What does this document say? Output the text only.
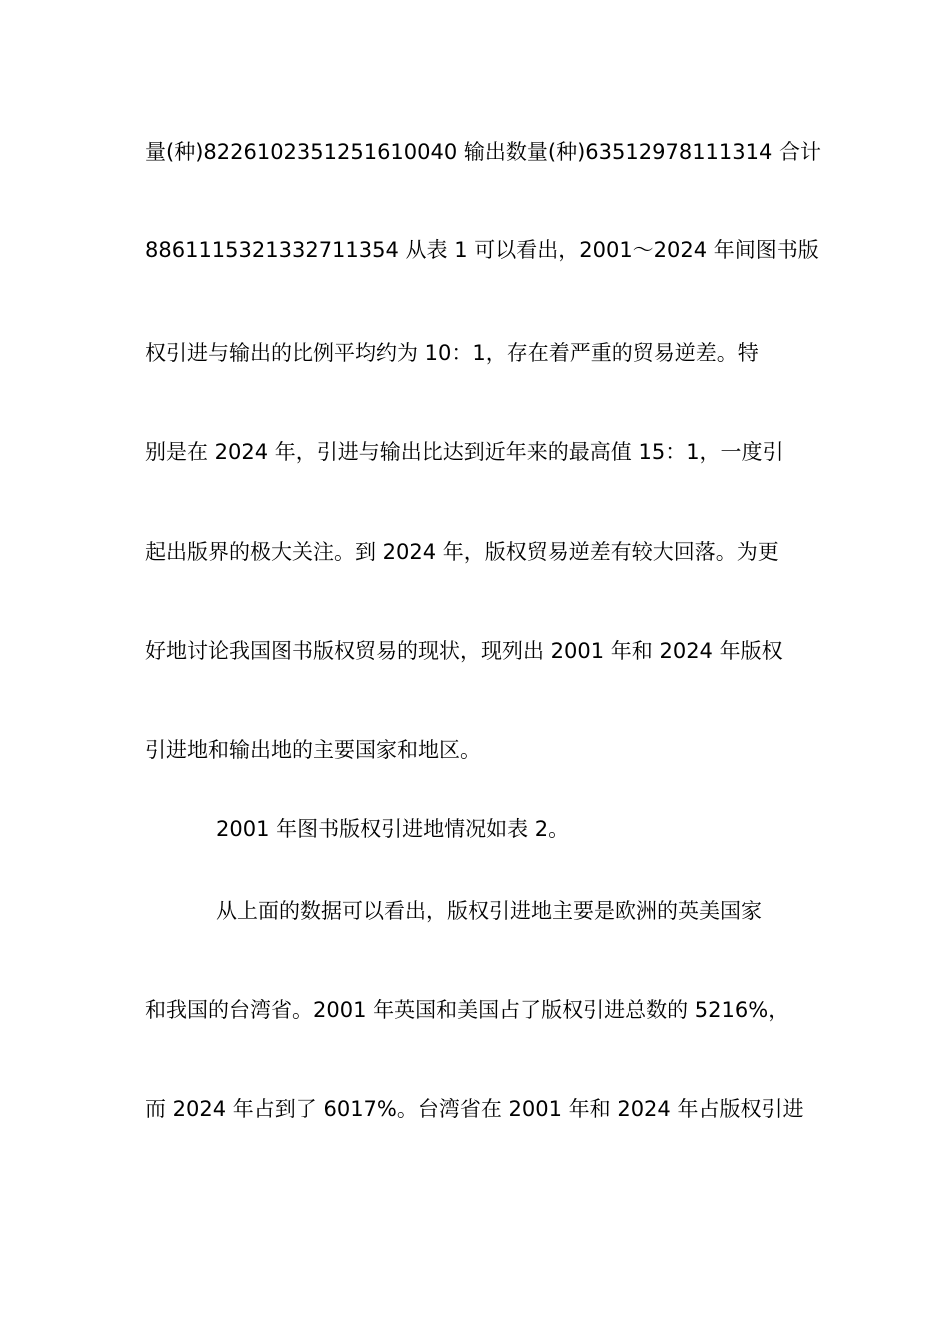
量(种)8226102351251610040 输出数量(种)63512978111314 合计
8861115321332711354 从表 1 可以看出，2001～2024 年间图书版
权引进与输出的比例平均约为 10：1，存在着严重的贸易逆差。特
别是在 2024 年，引进与输出比达到近年来的最高值 15：1，一度引
起出版界的极大关注。到 2024 年，版权贸易逆差有较大回落。为更
好地讨论我国图书版权贸易的现状，现列出 2001 年和 2024 年版权
引进地和输出地的主要国家和地区。
2001 年图书版权引进地情况如表 2。
从上面的数据可以看出，版权引进地主要是欧洲的英美国家
和我国的台湾省。2001 年英国和美国占了版权引进总数的 5216%，
而 2024 年占到了 6017%。台湾省在 2001 年和 2024 年占版权引进
